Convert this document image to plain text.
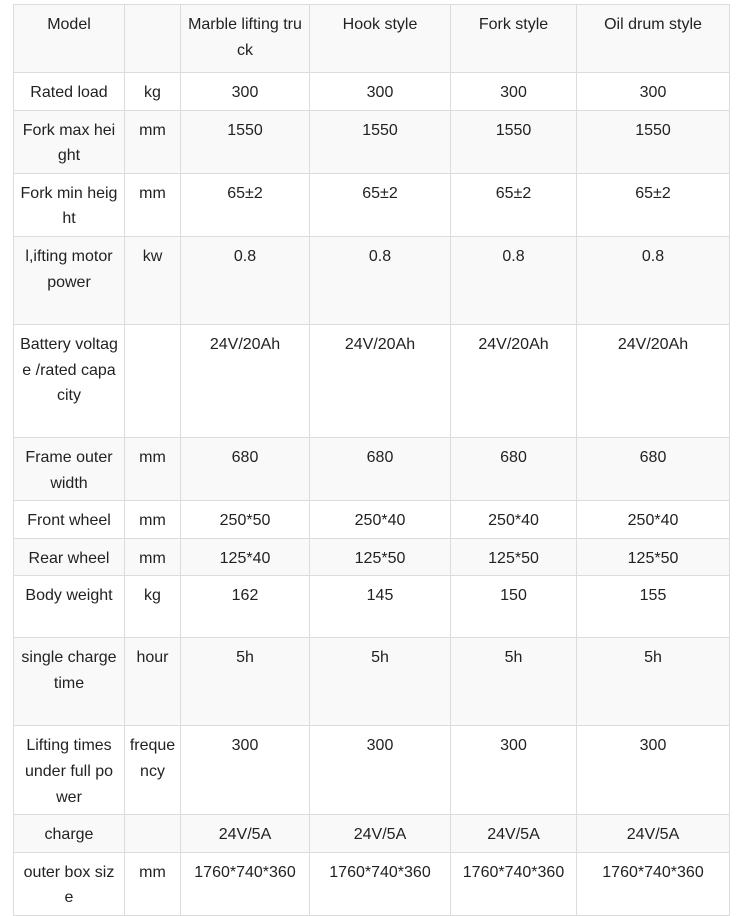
Model		Marble lifting truck	Hook style	Fork style	Oil drum style
Rated load	kg	300	300	300	300
Fork max height	mm	1550	1550	1550	1550
Fork min height	mm	65±2	65±2	65±2	65±2
l,ifting motor power	kw	0.8	0.8	0.8	0.8
Battery voltage /rated capacity		24V/20Ah	24V/20Ah	24V/20Ah	24V/20Ah
Frame outer width	mm	680	680	680	680
Front wheel	mm	250*50	250*40	250*40	250*40
Rear wheel	mm	125*40	125*50	125*50	125*50
Body weight	kg	162	145	150	155
single charge time	hour	5h	5h	5h	5h
Lifting times under full power	frequency	300	300	300	300
charge		24V/5A	24V/5A	24V/5A	24V/5A
outer box size	mm	1760*740*360	1760*740*360	1760*740*360	1760*740*360
